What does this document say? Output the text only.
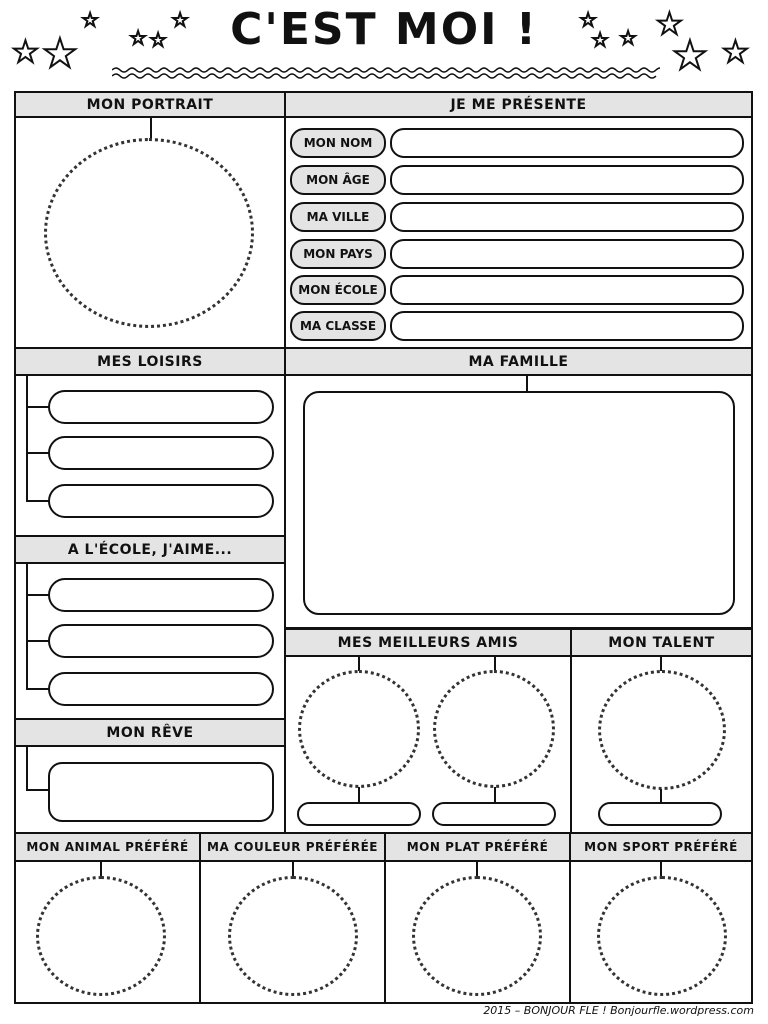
C'EST MOI !
★ ★
★
★ ★
★	★
★ ★ ★
★ ★
MON PORTRAIT	JE ME PRÉSENTE
MON NOM
MON ÂGE
MA VILLE
MON PAYS
MON ÉCOLE
MA CLASSE
MES LOISIRS
A L'ÉCOLE, J'AIME...
MON RÊVE
MA FAMILLE
MES MEILLEURS AMIS	MON TALENT
MON ANIMAL PRÉFÉRÉ	MA COULEUR PRÉFÉRÉE	MON PLAT PRÉFÉRÉ	MON SPORT PRÉFÉRÉ
2015 – BONJOUR FLE ! Bonjourfle.wordpress.com
